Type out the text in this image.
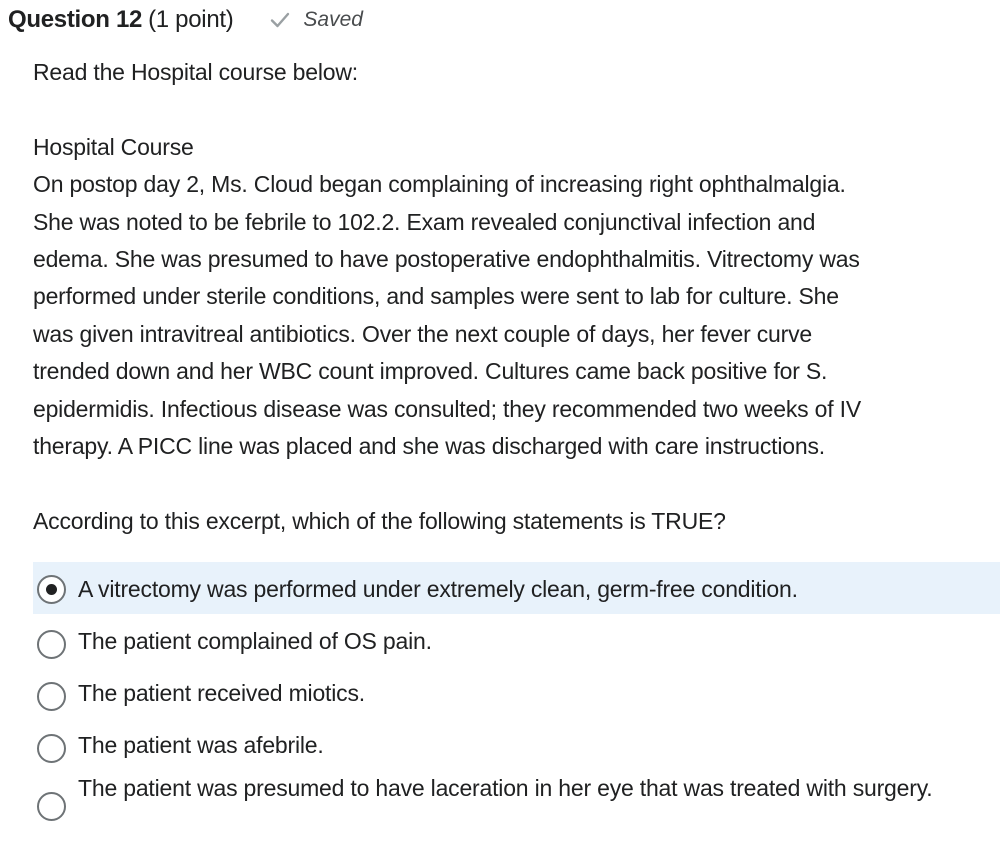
Question 12 (1 point)	Saved

Read the Hospital course below:

Hospital Course

On postop day 2, Ms. Cloud began complaining of increasing right ophthalmalgia.

She was noted to be febrile to 102.2. Exam revealed conjunctival infection and

edema. She was presumed to have postoperative endophthalmitis. Vitrectomy was

performed under sterile conditions, and samples were sent to lab for culture. She

was given intravitreal antibiotics. Over the next couple of days, her fever curve

trended down and her WBC count improved. Cultures came back positive for S.

epidermidis. Infectious disease was consulted; they recommended two weeks of IV

therapy. A PICC line was placed and she was discharged with care instructions.

According to this excerpt, which of the following statements is TRUE?

A vitrectomy was performed under extremely clean, germ-free condition.
The patient complained of OS pain.
The patient received miotics.
The patient was afebrile.
The patient was presumed to have laceration in her eye that was treated with surgery.
